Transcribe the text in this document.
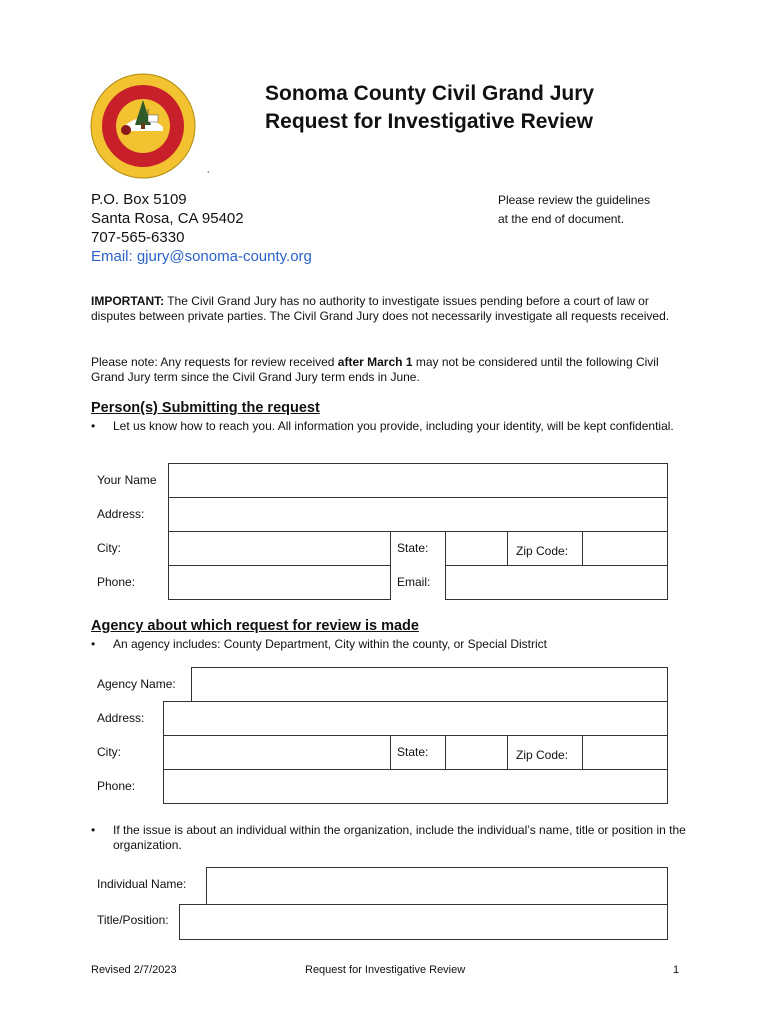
Sonoma County Civil Grand Jury
Request for Investigative Review
,
P.O. Box 5109
Santa Rosa, CA 95402
707-565-6330
Email: gjury@sonoma-county.org
Please review the guidelines
at the end of document.
IMPORTANT: The Civil Grand Jury has no authority to investigate issues pending before a court of law or disputes between private parties. The Civil Grand Jury does not necessarily investigate all requests received.
Please note: Any requests for review received after March 1 may not be considered until the following Civil Grand Jury term since the Civil Grand Jury term ends in June.
Person(s) Submitting the request
• Let us know how to reach you. All information you provide, including your identity, will be kept confidential.
Your Name
Address:
City:	State:	Zip Code:
Phone:	Email:
Agency about which request for review is made
• An agency includes: County Department, City within the county, or Special District
Agency Name:
Address:
City:	State:	Zip Code:
Phone:
•	If the issue is about an individual within the organization, include the individual’s name, title or position in the organization.
Individual Name:
Title/Position:
Revised 2/7/2023	Request for Investigative Review	1
